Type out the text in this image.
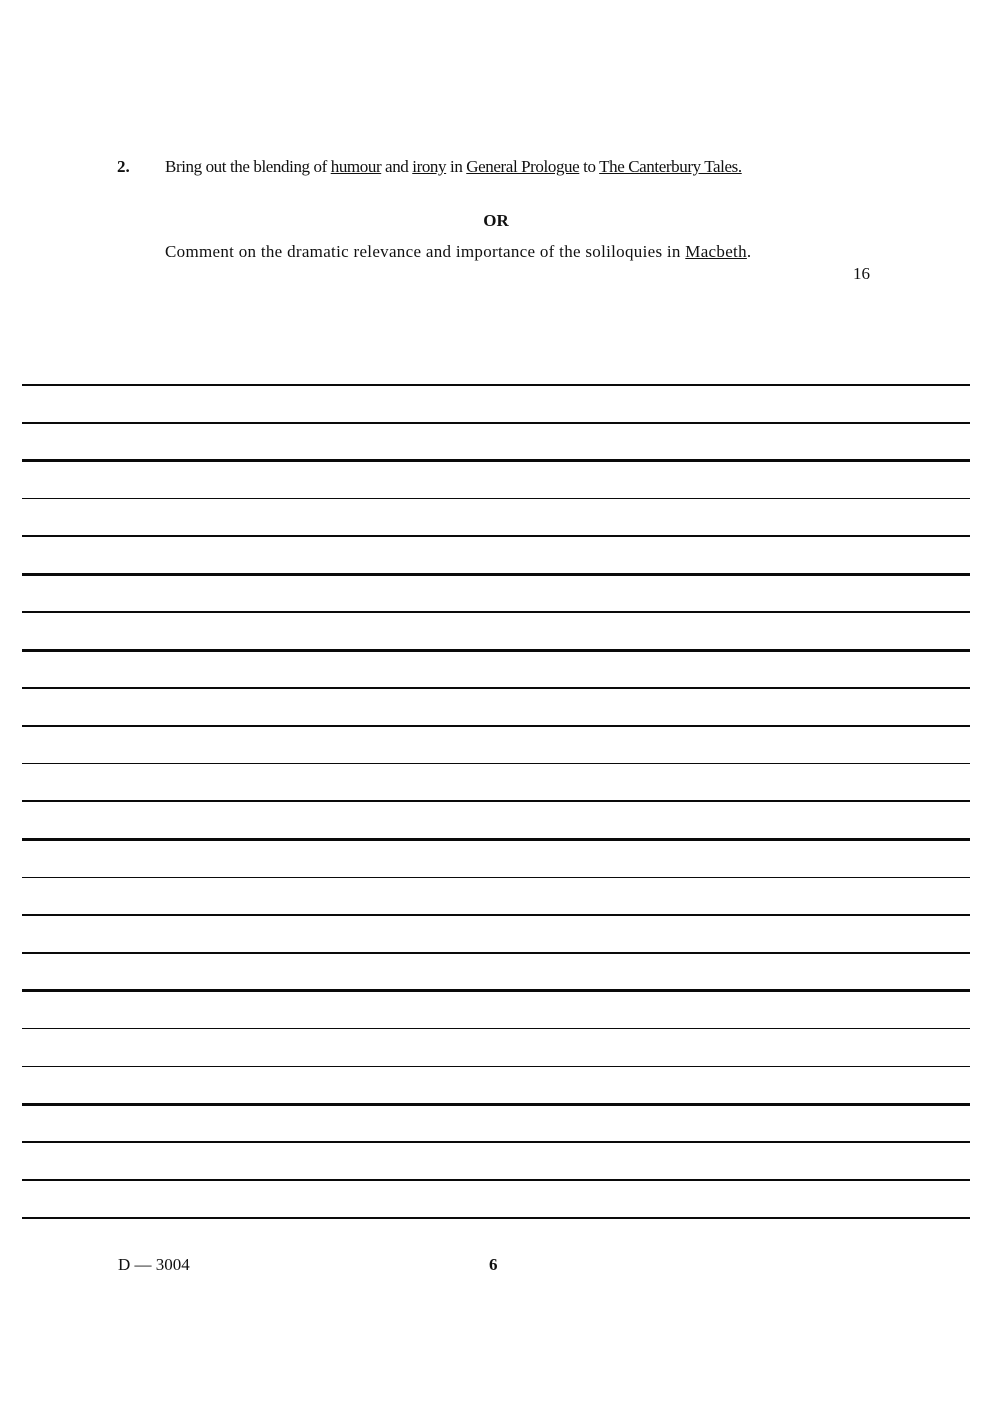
2.	Bring out the blending of humour and irony in General Prologue to The Canterbury Tales.
OR
Comment on the dramatic relevance and importance of the soliloquies in Macbeth.
16
D — 3004	6
